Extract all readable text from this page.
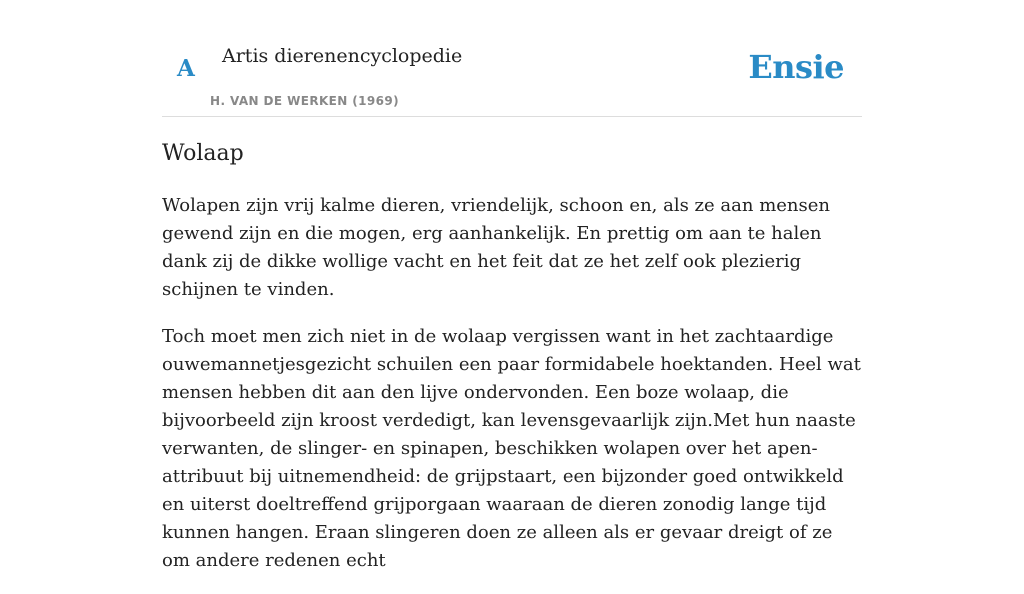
A Artis dierenencyclopedie
H. VAN DE WERKEN (1969)
Ensie
Wolaap

Wolapen zijn vrij kalme dieren, vriendelijk, schoon en, als ze aan mensen gewend zijn en die mogen, erg aanhankelijk. En prettig om aan te halen dank zij de dikke wollige vacht en het feit dat ze het zelf ook plezierig schijnen te vinden.

Toch moet men zich niet in de wolaap vergissen want in het zachtaardige ouwemannetjesgezicht schuilen een paar formidabele hoektanden. Heel wat mensen hebben dit aan den lijve ondervonden. Een boze wolaap, die bijvoorbeeld zijn kroost verdedigt, kan levensgevaarlijk zijn.Met hun naaste verwanten, de slinger- en spinapen, beschikken wolapen over het apen-attribuut bij uitnemendheid: de grijpstaart, een bijzonder goed ontwikkeld en uiterst doeltreffend grijporgaan waaraan de dieren zonodig lange tijd kunnen hangen. Eraan slingeren doen ze alleen als er gevaar dreigt of ze om andere redenen echt
